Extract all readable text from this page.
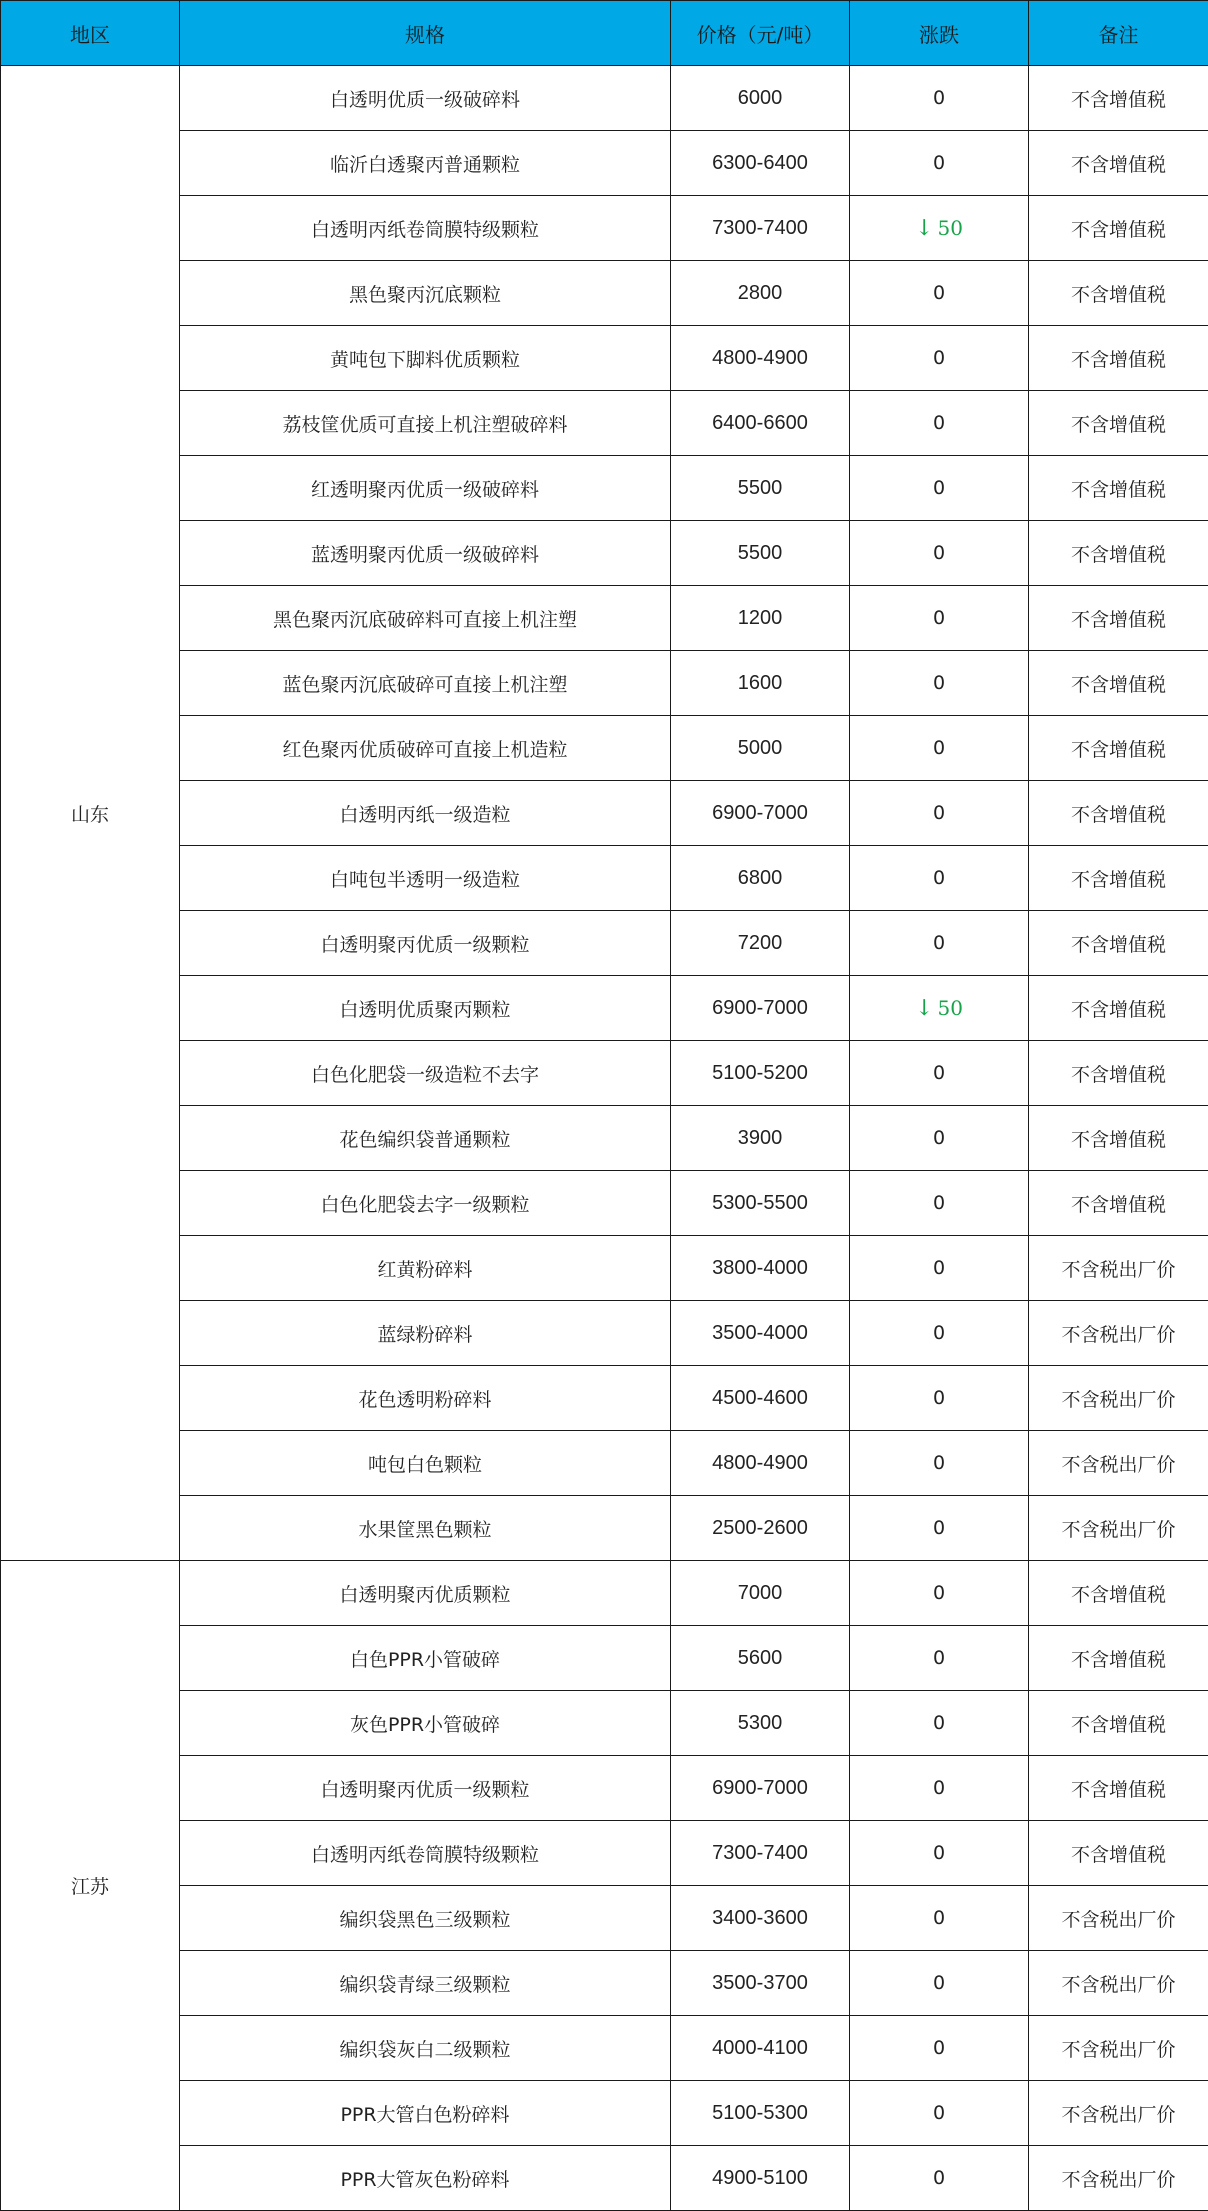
地区	规格	价格（元/吨）	涨跌	备注
山东	白透明优质一级破碎料	6000	0	不含增值税
	临沂白透聚丙普通颗粒	6300-6400	0	不含增值税
	白透明丙纸卷筒膜特级颗粒	7300-7400	↓ 50	不含增值税
	黑色聚丙沉底颗粒	2800	0	不含增值税
	黄吨包下脚料优质颗粒	4800-4900	0	不含增值税
	荔枝筐优质可直接上机注塑破碎料	6400-6600	0	不含增值税
	红透明聚丙优质一级破碎料	5500	0	不含增值税
	蓝透明聚丙优质一级破碎料	5500	0	不含增值税
	黑色聚丙沉底破碎料可直接上机注塑	1200	0	不含增值税
	蓝色聚丙沉底破碎可直接上机注塑	1600	0	不含增值税
	红色聚丙优质破碎可直接上机造粒	5000	0	不含增值税
	白透明丙纸一级造粒	6900-7000	0	不含增值税
	白吨包半透明一级造粒	6800	0	不含增值税
	白透明聚丙优质一级颗粒	7200	0	不含增值税
	白透明优质聚丙颗粒	6900-7000	↓ 50	不含增值税
	白色化肥袋一级造粒不去字	5100-5200	0	不含增值税
	花色编织袋普通颗粒	3900	0	不含增值税
	白色化肥袋去字一级颗粒	5300-5500	0	不含增值税
	红黄粉碎料	3800-4000	0	不含税出厂价
	蓝绿粉碎料	3500-4000	0	不含税出厂价
	花色透明粉碎料	4500-4600	0	不含税出厂价
	吨包白色颗粒	4800-4900	0	不含税出厂价
	水果筐黑色颗粒	2500-2600	0	不含税出厂价
江苏	白透明聚丙优质颗粒	7000	0	不含增值税
	白色PPR小管破碎	5600	0	不含增值税
	灰色PPR小管破碎	5300	0	不含增值税
	白透明聚丙优质一级颗粒	6900-7000	0	不含增值税
	白透明丙纸卷筒膜特级颗粒	7300-7400	0	不含增值税
	编织袋黑色三级颗粒	3400-3600	0	不含税出厂价
	编织袋青绿三级颗粒	3500-3700	0	不含税出厂价
	编织袋灰白二级颗粒	4000-4100	0	不含税出厂价
	PPR大管白色粉碎料	5100-5300	0	不含税出厂价
	PPR大管灰色粉碎料	4900-5100	0	不含税出厂价
